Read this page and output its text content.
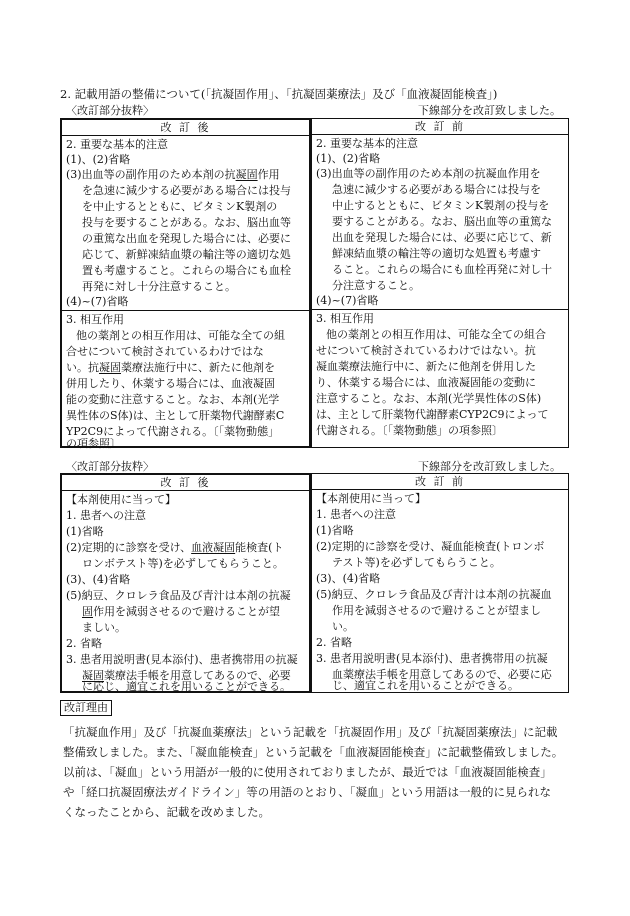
2. 記載用語の整備について(「抗凝固作用」、「抗凝固薬療法」及び「血液凝固能検査」)
〈改訂部分抜粋〉	下線部分を改訂致しました。
改 訂 後
2. 重要な基本的注意
(1)、(2)省略
(3)出血等の副作用のため本剤の抗凝固作用
を急速に減少する必要がある場合には投与
を中止するとともに、ビタミンK製剤の
投与を要することがある。なお、脳出血等
の重篤な出血を発現した場合には、必要に
応じて、新鮮凍結血漿の輸注等の適切な処
置も考慮すること。これらの場合にも血栓
再発に対し十分注意すること。
(4)~(7)省略
3. 相互作用
他の薬剤との相互作用は、可能な全ての組
合せについて検討されているわけではな
い。抗凝固薬療法施行中に、新たに他剤を
併用したり、休薬する場合には、血液凝固
能の変動に注意すること。なお、本剤(光学
異性体のS体)は、主として肝薬物代謝酵素C
YP2C9によって代謝される。〔「薬物動態」
の項参照〕
改 訂 前
2. 重要な基本的注意
(1)、(2)省略
(3)出血等の副作用のため本剤の抗凝血作用を
急速に減少する必要がある場合には投与を
中止するとともに、ビタミンK製剤の投与を
要することがある。なお、脳出血等の重篤な
出血を発現した場合には、必要に応じて、新
鮮凍結血漿の輸注等の適切な処置も考慮す
ること。これらの場合にも血栓再発に対し十
分注意すること。
(4)~(7)省略
3. 相互作用
他の薬剤との相互作用は、可能な全ての組合
せについて検討されているわけではない。抗
凝血薬療法施行中に、新たに他剤を併用した
り、休薬する場合には、血液凝固能の変動に
注意すること。なお、本剤(光学異性体のS体)
は、主として肝薬物代謝酵素CYP2C9によって
代謝される。〔「薬物動態」の項参照〕
〈改訂部分抜粋〉	下線部分を改訂致しました。
改 訂 後
【本剤使用に当って】
1. 患者への注意
(1)省略
(2)定期的に診察を受け、血液凝固能検査(ト
ロンボテスト等)を必ずしてもらうこと。
(3)、(4)省略
(5)納豆、クロレラ食品及び青汁は本剤の抗凝
固作用を減弱させるので避けることが望
ましい。
2. 省略
3. 患者用説明書(見本添付)、患者携帯用の抗凝
凝固薬療法手帳を用意してあるので、必要
に応じ、適宜これを用いることができる。
改 訂 前
【本剤使用に当って】
1. 患者への注意
(1)省略
(2)定期的に診察を受け、凝血能検査(トロンボ
テスト等)を必ずしてもらうこと。
(3)、(4)省略
(5)納豆、クロレラ食品及び青汁は本剤の抗凝血
作用を減弱させるので避けることが望まし
い。
2. 省略
3. 患者用説明書(見本添付)、患者携帯用の抗凝
血薬療法手帳を用意してあるので、必要に応
じ、適宜これを用いることができる。
改訂理由
「抗凝血作用」及び「抗凝血薬療法」という記載を「抗凝固作用」及び「抗凝固薬療法」に記載
整備致しました。また、「凝血能検査」という記載を「血液凝固能検査」に記載整備致しました。
以前は、「凝血」という用語が一般的に使用されておりましたが、最近では「血液凝固能検査」
や「経口抗凝固療法ガイドライン」等の用語のとおり、「凝血」という用語は一般的に見られな
くなったことから、記載を改めました。
